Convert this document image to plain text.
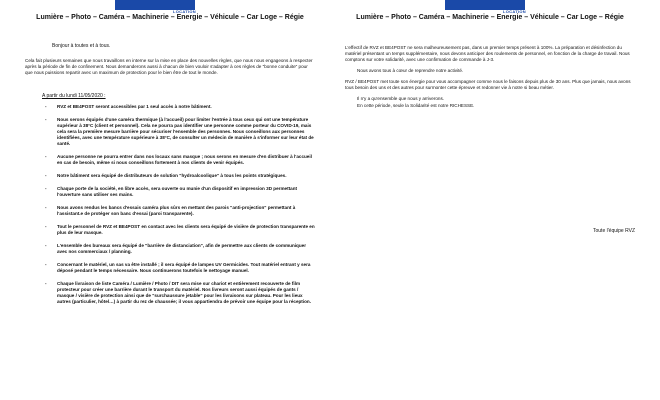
LOCATION
Lumière – Photo – Caméra – Machinerie – Energie – Véhicule – Car Loge – Régie
Bonjour à toutes et à tous.
Cela fait plusieurs semaines que nous travaillons en interne sur la mise en place des nouvelles règles, que nous nous engageons à respecter après la période de fin de confinement. Nous demanderons aussi à chacun de bien vouloir s'adapter à ces règles de "bonne conduite" pour que nous puissions repartir avec un maximum de protection pour le bien être de tout le monde.
A partir du lundi 11/05/2020 :
- RVZ et BE4POST seront accessibles par 1 seul accès à notre bâtiment.
- Nous serons équipés d'une caméra thermique (à l'accueil) pour limiter l'entrée à tous ceux qui ont une température supérieur à 38°C (client et personnel). Cela ne pourra pas identifier une personne comme porteur du COVID-19, mais cela sera la première mesure barrière pour sécuriser l'ensemble des personnes. Nous conseillons aux personnes identifiées, avec une température supérieure à 38°C, de consulter un médecin de manière à s'informer sur leur état de santé.
- Aucune personne ne pourra entrer dans nos locaux sans masque ; nous serons en mesure d'en distribuer à l'accueil en cas de besoin, même si nous conseillons fortement à nos clients de venir équipés.
- Notre bâtiment sera équipé de distributeurs de solution "hydroalcoolique" à tous les points stratégiques.
- Chaque porte de la société, en libre accès, sera ouverte ou munie d'un dispositif en impression 3D permettant l'ouverture sans utiliser ses mains.
- Nous avons rendus les bancs d'essais caméra plus sûrs en mettant des parois "anti-projection" permettant à l'assistant.e de protéger son banc d'essai (paroi transparente).
- Tout le personnel de RVZ et BE4POST en contact avec les clients sera équipé de visière de protection transparente en plus de leur masque.
- L'ensemble des bureaux sera équipé de "barrière de distanciation", afin de permettre aux clients de communiquer avec nos commerciaux / planning.
- Concernant le matériel, un sas va être installé ; il sera équipé de lampes UV Germicides. Tout matériel entrant y sera déposé pendant le temps nécessaire. Nous continuerons toutefois le nettoyage manuel.
- Chaque livraison de liste Caméra / Lumière / Photo / DIT sera mise sur chariot et entièrement recouverte de film protecteur pour créer une barrière durant le transport du matériel. Nos livreurs seront aussi équipés de gants / masque / visière de protection ainsi que de "surchaussure jetable" pour les livraisons sur plateau. Pour les lieux autres (particulier, hôtel…) à partir du rez de chaussée; il vous appartiendra de prévoir une équipe pour la réception.
LOCATION
Lumière – Photo – Caméra – Machinerie – Energie – Véhicule – Car Loge – Régie

L'effectif de RVZ et BE4POST ne sera malheureusement pas, dans un premier temps présent à 100%. La préparation et désinfection du matériel présentant un temps supplémentaire, nous devons anticiper des roulements de personnel, en fonction de la charge de travail. Nous comptons sur votre solidarité, avec une confirmation de commande à J-3.

Nous avons tous à cœur de reprendre notre activité.

RVZ / BE4POST met toute son énergie pour vous accompagner comme nous le faisons depuis plus de 30 ans. Plus que jamais, nous avons tous besoin des uns et des autres pour surmonter cette épreuve et redonner vie à notre si beau métier.

Il n'y a qu'ensemble que nous y arriverons.

En cette période, seule la Solidarité est notre RICHESSE.

Toute l'équipe RVZ
